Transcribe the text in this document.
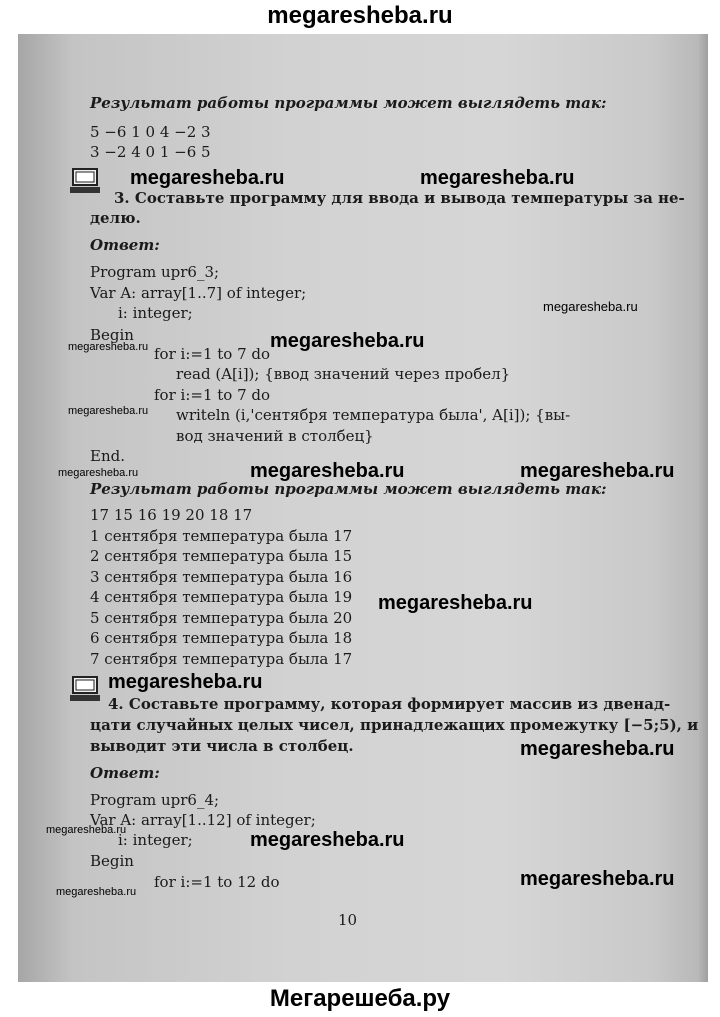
megaresheba.ru
Результат работы программы может выглядеть так:
5 −6 1 0 4 −2 3
3 −2 4 0 1 −6 5
3. Составьте программу для ввода и вывода температуры за не-
делю.
Ответ:
Program upr6_3;
Var A: array[1..7] of integer;
i: integer;
Begin
for i:=1 to 7 do
read (A[i]); {ввод значений через пробел}
for i:=1 to 7 do
writeln (i,'сентября температура была', A[i]); {вы-
вод значений в столбец}
End.
Результат работы программы может выглядеть так:
17 15 16 19 20 18 17
1 сентября температура была 17
2 сентября температура была 15
3 сентября температура была 16
4 сентября температура была 19
5 сентября температура была 20
6 сентября температура была 18
7 сентября температура была 17
4. Составьте программу, которая формирует массив из двенад-
цати случайных целых чисел, принадлежащих промежутку [−5;5), и
выводит эти числа в столбец.
Ответ:
Program upr6_4;
Var A: array[1..12] of integer;
i: integer;
Begin
for i:=1 to 12 do
10
megaresheba.ru	megaresheba.ru
megaresheba.ru
megaresheba.ru	megaresheba.ru
megaresheba.ru
megaresheba.ru
megaresheba.ru
megaresheba.ru
megaresheba.ru
megaresheba.ru
megaresheba.ru
megaresheba.ru
megaresheba.ru
megaresheba.ru
megaresheba.ru
Мегарешеба.ру
